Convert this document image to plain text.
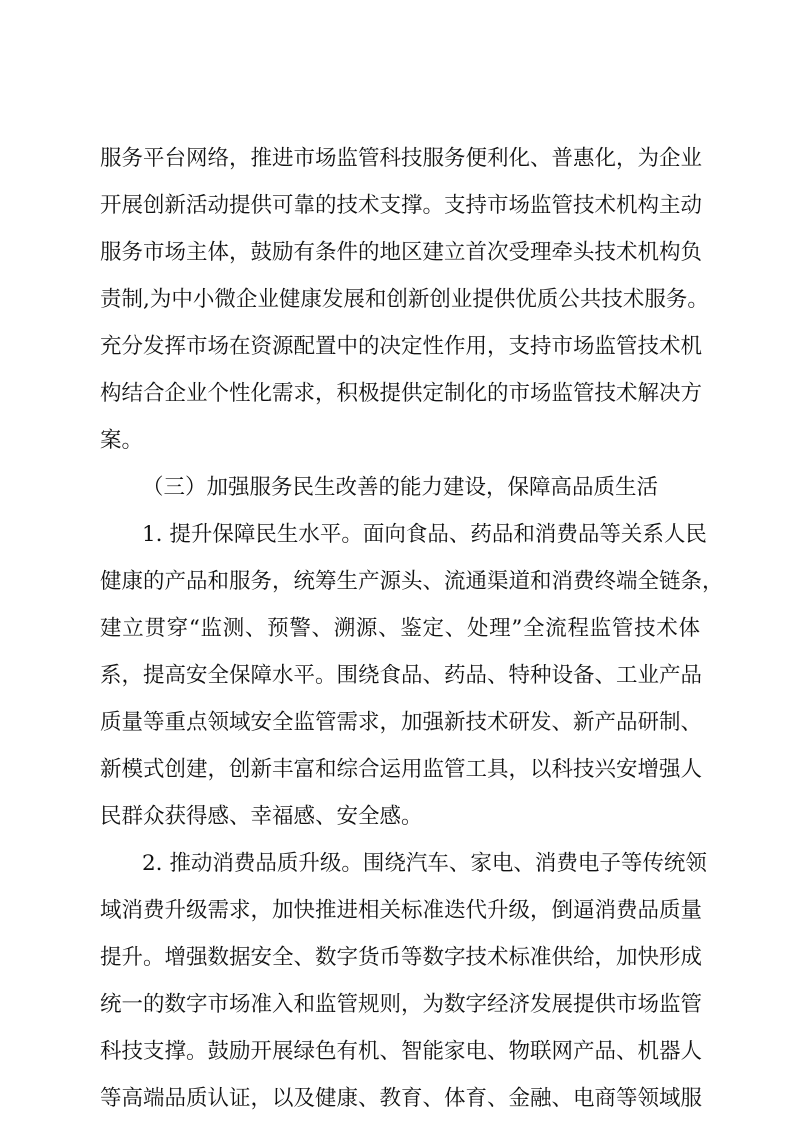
服务平台网络，推进市场监管科技服务便利化、普惠化，为企业
开展创新活动提供可靠的技术支撑。支持市场监管技术机构主动
服务市场主体，鼓励有条件的地区建立首次受理牵头技术机构负
责制,为中小微企业健康发展和创新创业提供优质公共技术服务。
充分发挥市场在资源配置中的决定性作用，支持市场监管技术机
构结合企业个性化需求，积极提供定制化的市场监管技术解决方
案。
（三）加强服务民生改善的能力建设，保障高品质生活
1. 提升保障民生水平。面向食品、药品和消费品等关系人民
健康的产品和服务，统筹生产源头、流通渠道和消费终端全链条，
建立贯穿“监测、预警、溯源、鉴定、处理”全流程监管技术体
系，提高安全保障水平。围绕食品、药品、特种设备、工业产品
质量等重点领域安全监管需求，加强新技术研发、新产品研制、
新模式创建，创新丰富和综合运用监管工具，以科技兴安增强人
民群众获得感、幸福感、安全感。
2. 推动消费品质升级。围绕汽车、家电、消费电子等传统领
域消费升级需求，加快推进相关标准迭代升级，倒逼消费品质量
提升。增强数据安全、数字货币等数字技术标准供给，加快形成
统一的数字市场准入和监管规则，为数字经济发展提供市场监管
科技支撑。鼓励开展绿色有机、智能家电、物联网产品、机器人
等高端品质认证，以及健康、教育、体育、金融、电商等领域服
